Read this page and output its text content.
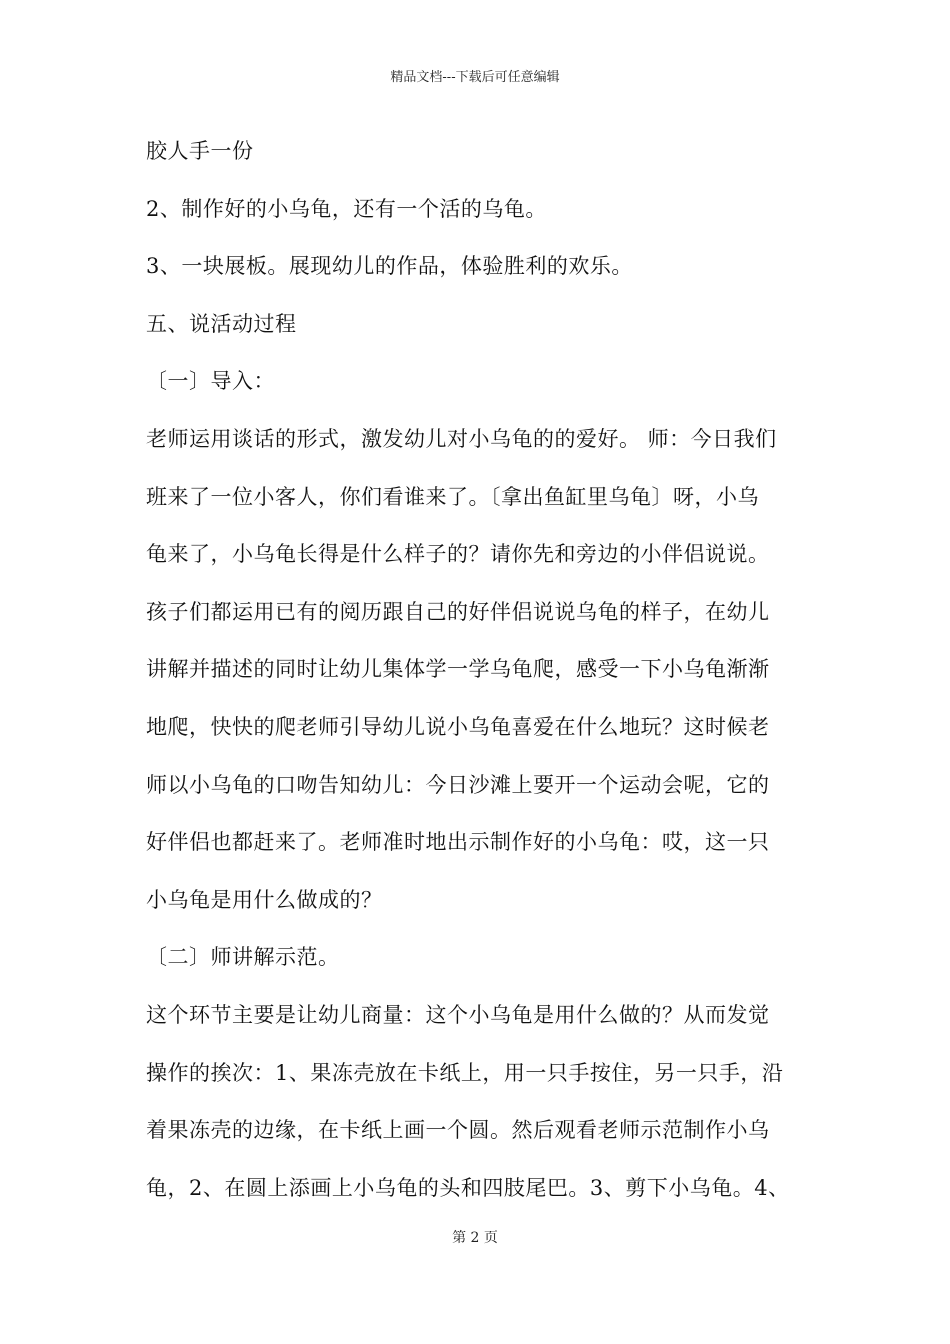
精品文档---下载后可任意编辑
胶人手一份
2、制作好的小乌龟，还有一个活的乌龟。
3、一块展板。展现幼儿的作品，体验胜利的欢乐。
五、说活动过程
〔一〕导入：
老师运用谈话的形式，激发幼儿对小乌龟的的爱好。 师：今日我们
班来了一位小客人，你们看谁来了。〔拿出鱼缸里乌龟〕呀，小乌
龟来了，小乌龟长得是什么样子的？请你先和旁边的小伴侣说说。
孩子们都运用已有的阅历跟自己的好伴侣说说乌龟的样子，在幼儿
讲解并描述的同时让幼儿集体学一学乌龟爬，感受一下小乌龟渐渐
地爬，快快的爬老师引导幼儿说小乌龟喜爱在什么地玩？这时候老
师以小乌龟的口吻告知幼儿：今日沙滩上要开一个运动会呢，它的
好伴侣也都赶来了。老师准时地出示制作好的小乌龟：哎，这一只
小乌龟是用什么做成的？
〔二〕师讲解示范。
这个环节主要是让幼儿商量：这个小乌龟是用什么做的？从而发觉
操作的挨次：1、果冻壳放在卡纸上，用一只手按住，另一只手，沿
着果冻壳的边缘，在卡纸上画一个圆。然后观看老师示范制作小乌
龟，2、在圆上添画上小乌龟的头和四肢尾巴。3、剪下小乌龟。4、
第 2 页
